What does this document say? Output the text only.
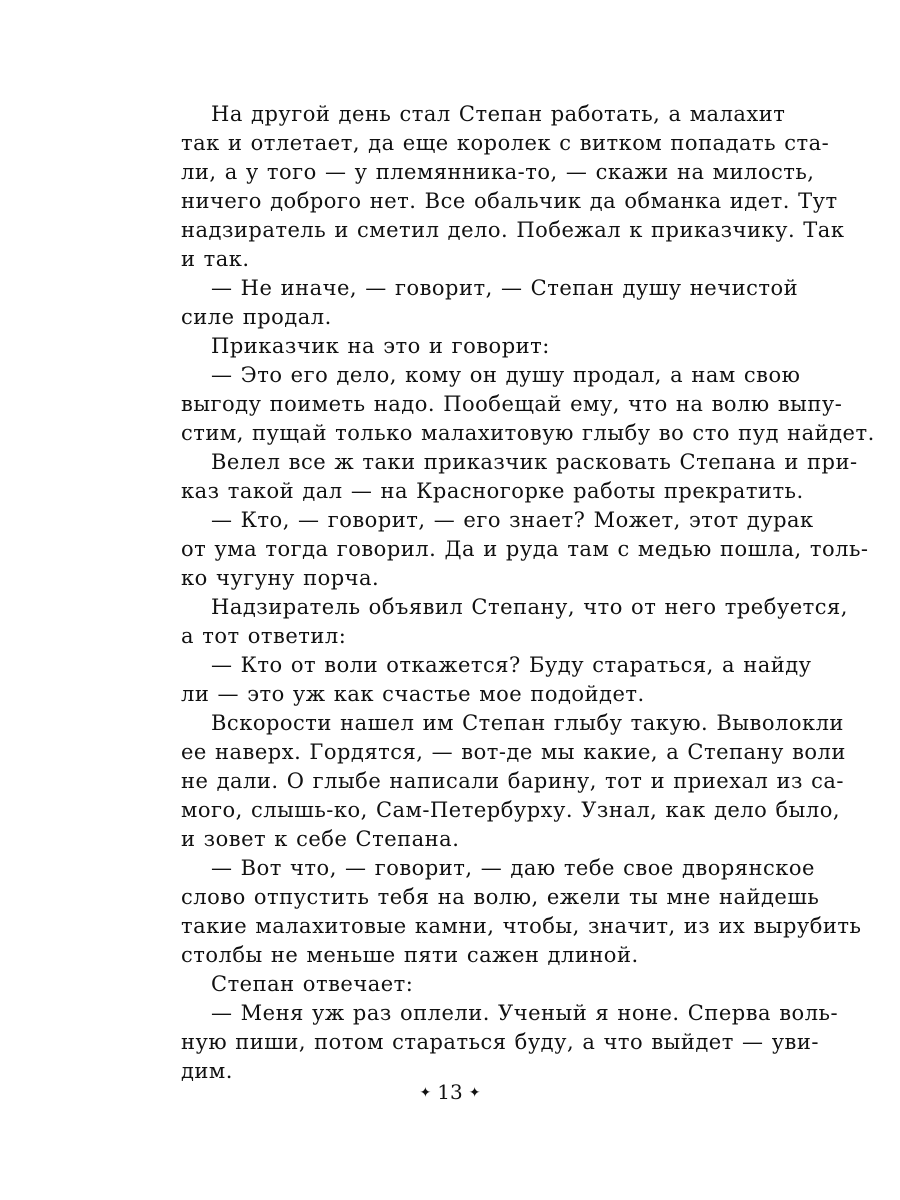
На другой день стал Степан работать, а малахит
так и отлетает, да еще королек с витком попадать ста-
ли, а у того — у племянника-то, — скажи на милость,
ничего доброго нет. Все обальчик да обманка идет. Тут
надзиратель и сметил дело. Побежал к приказчику. Так
и так.
— Не иначе, — говорит, — Степан душу нечистой
силе продал.
Приказчик на это и говорит:
— Это его дело, кому он душу продал, а нам свою
выгоду поиметь надо. Пообещай ему, что на волю выпу-
стим, пущай только малахитовую глыбу во сто пуд найдет.
Велел все ж таки приказчик расковать Степана и при-
каз такой дал — на Красногорке работы прекратить.
— Кто, — говорит, — его знает? Может, этот дурак
от ума тогда говорил. Да и руда там с медью пошла, толь-
ко чугуну порча.
Надзиратель объявил Степану, что от него требуется,
а тот ответил:
— Кто от воли откажется? Буду стараться, а найду
ли — это уж как счастье мое подойдет.
Вскорости нашел им Степан глыбу такую. Выволокли
ее наверх. Гордятся, — вот-де мы какие, а Степану воли
не дали. О глыбе написали барину, тот и приехал из са-
мого, слышь-ко, Сам-Петербурху. Узнал, как дело было,
и зовет к себе Степана.
— Вот что, — говорит, — даю тебе свое дворянское
слово отпустить тебя на волю, ежели ты мне найдешь
такие малахитовые камни, чтобы, значит, из их вырубить
столбы не меньше пяти сажен длиной.
Степан отвечает:
— Меня уж раз оплели. Ученый я ноне. Сперва воль-
ную пиши, потом стараться буду, а что выйдет — уви-
дим.
✦ 13 ✦
